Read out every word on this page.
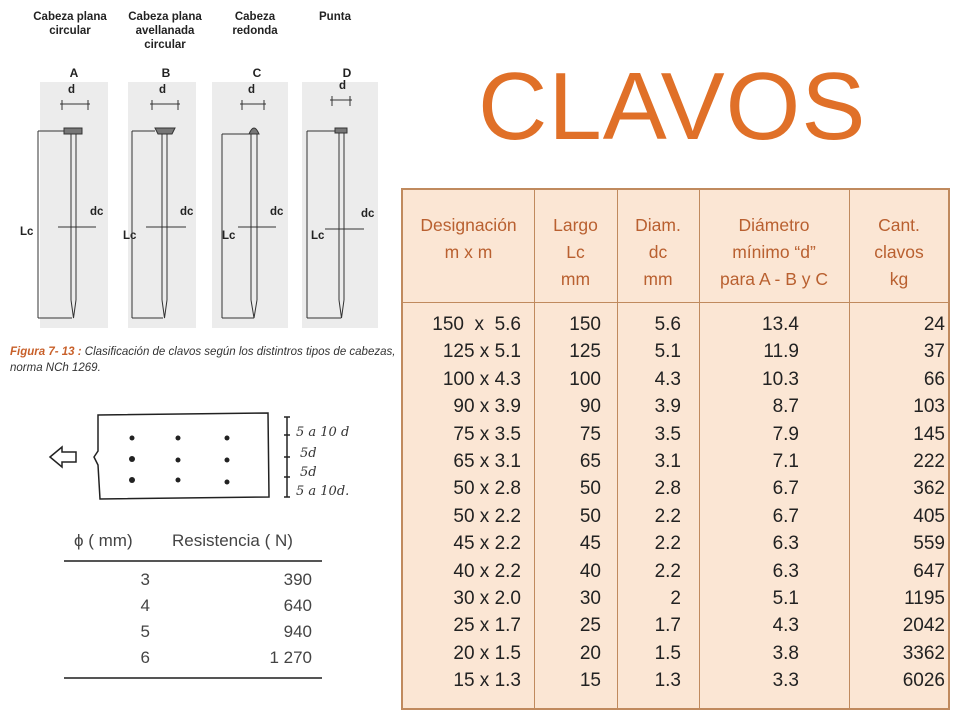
Cabeza plana
circular
Cabeza plana
avellanada
circular
Cabeza
redonda
Punta
A	B	C	D
d	d	d	d
dc	dc	dc	dc
Lc	Lc	Lc	Lc
Figura 7- 13 : Clasificación de clavos según los distintros tipos de cabezas, norma NCh 1269.
5 a 10 d
5d
5d
5 a 10d.
ϕ ( mm) Resistencia ( N)
3	390
4	640
5	940
6	1 270
CLAVOS
Designación
m x m
Largo
Lc
mm
Diam.
dc
mm
Diámetro
mínimo “d”
para A - B y C
Cant.
clavos
kg
150  x  5.6	150	5.6	13.4	24
125 x 5.1	125	5.1	11.9	37
100 x 4.3	100	4.3	10.3	66
90 x 3.9	90	3.9	8.7	103
75 x 3.5	75	3.5	7.9	145
65 x 3.1	65	3.1	7.1	222
50 x 2.8	50	2.8	6.7	362
50 x 2.2	50	2.2	6.7	405
45 x 2.2	45	2.2	6.3	559
40 x 2.2	40	2.2	6.3	647
30 x 2.0	30	2	5.1	1195
25 x 1.7	25	1.7	4.3	2042
20 x 1.5	20	1.5	3.8	3362
15 x 1.3	15	1.3	3.3	6026
